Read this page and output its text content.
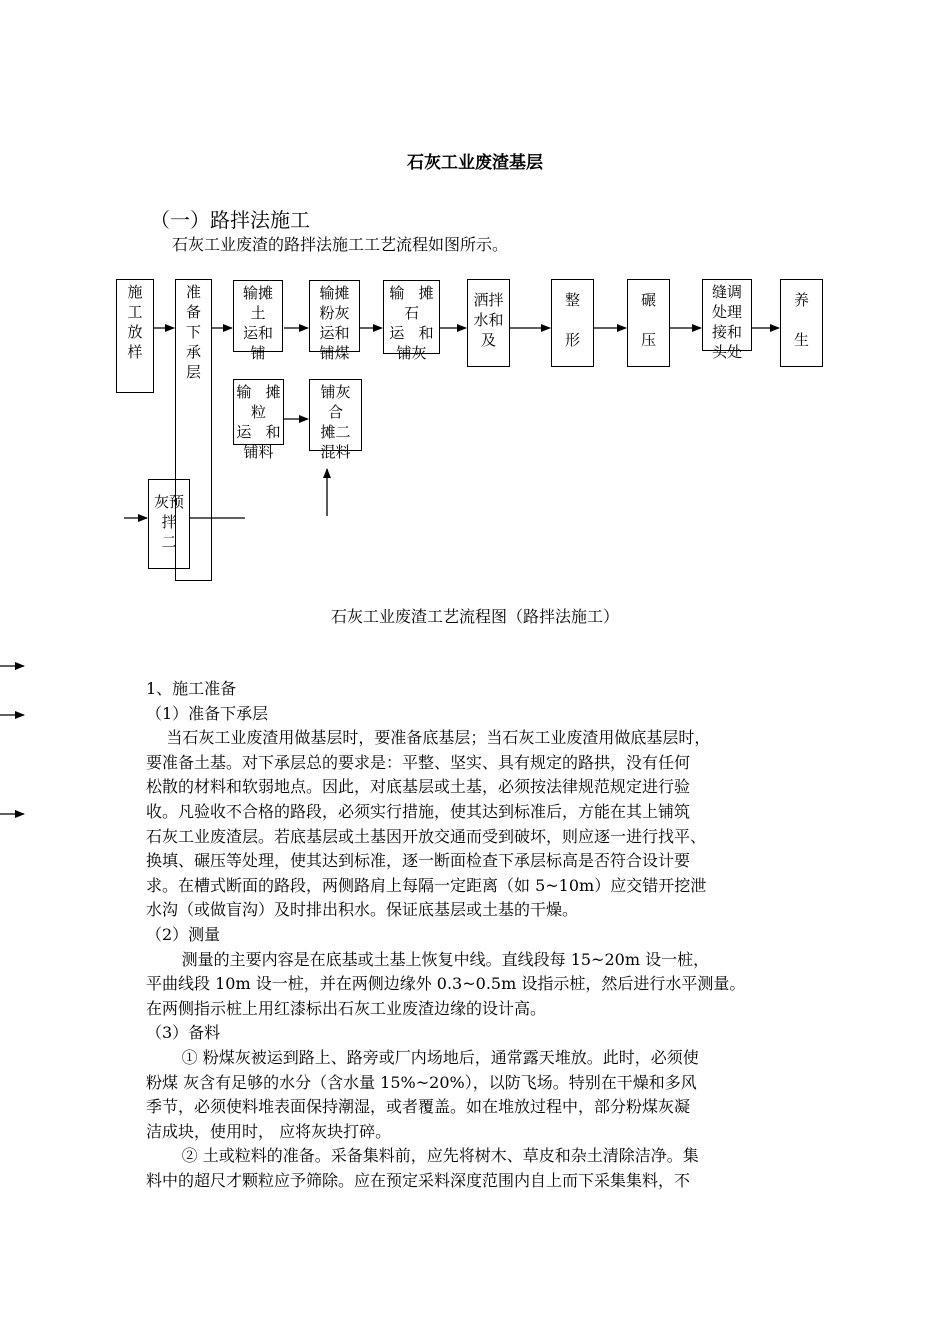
石灰工业废渣基层
（一）路拌法施工
石灰工业废渣的路拌法施工工艺流程如图所示。
施
工
放
样
准
备
下
承
层
输摊
土
运和
铺
输摊
粉灰
运和
铺煤
输   摊
石
运   和
铺灰
洒拌
水和
及
整

形
碾

压
缝调
处理
接和
头处
养

生
输   摊
粒
运   和
铺料
铺灰
合
摊二
混料
灰预
拌
二
石灰工业废渣工艺流程图（路拌法施工）
1、施工准备
（1）准备下承层
当石灰工业废渣用做基层时，要准备底基层；当石灰工业废渣用做底基层时，
要准备土基。对下承层总的要求是：平整、坚实、具有规定的路拱，没有任何
松散的材料和软弱地点。因此，对底基层或土基，必须按法律规范规定进行验
收。凡验收不合格的路段，必须实行措施，使其达到标准后，方能在其上铺筑
石灰工业废渣层。若底基层或土基因开放交通而受到破坏，则应逐一进行找平、
换填、碾压等处理，使其达到标准，逐一断面检查下承层标高是否符合设计要
求。在槽式断面的路段，两侧路肩上每隔一定距离（如 5~10m）应交错开挖泄
水沟（或做盲沟）及时排出积水。保证底基层或土基的干燥。
（2）测量
测量的主要内容是在底基或土基上恢复中线。直线段每 15~20m 设一桩，
平曲线段 10m 设一桩，并在两侧边缘外 0.3~0.5m 设指示桩，然后进行水平测量。
在两侧指示桩上用红漆标出石灰工业废渣边缘的设计高。
（3）备料
① 粉煤灰被运到路上、路旁或厂内场地后，通常露天堆放。此时，必须使
粉煤 灰含有足够的水分（含水量 15%~20%），以防飞场。特别在干燥和多风
季节，必须使料堆表面保持潮湿，或者覆盖。如在堆放过程中，部分粉煤灰凝
洁成块，使用时， 应将灰块打碎。
② 土或粒料的准备。采备集料前，应先将树木、草皮和杂土清除洁净。集
料中的超尺才颗粒应予筛除。应在预定采料深度范围内自上而下采集集料，不
